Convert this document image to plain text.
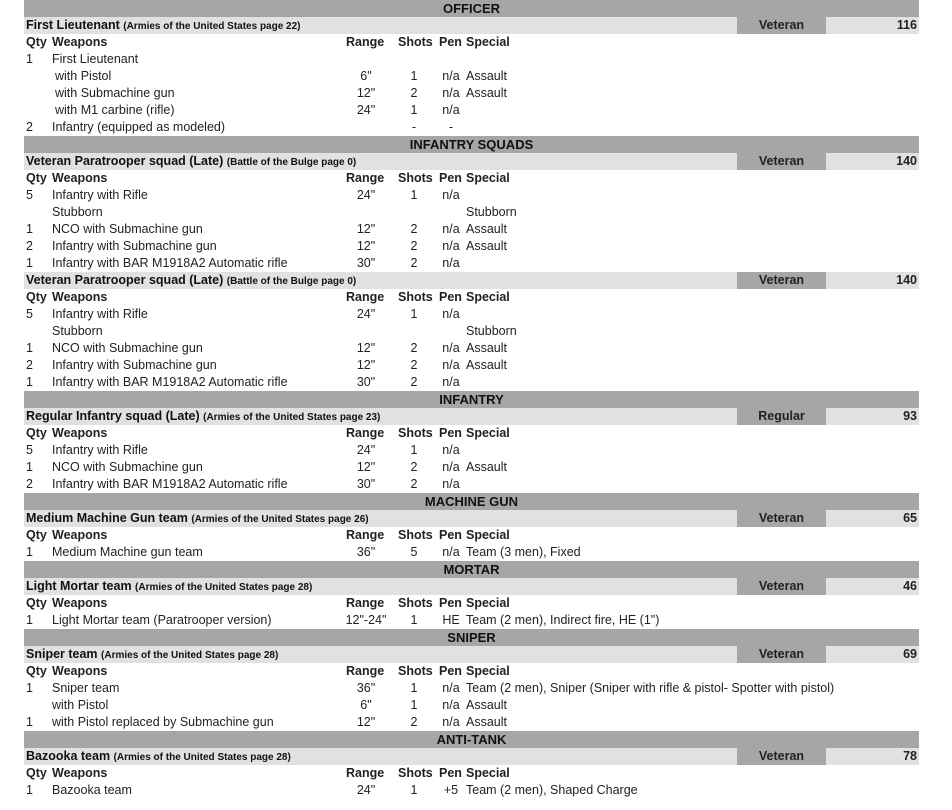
OFFICER
First Lieutenant (Armies of the United States page 22)	Veteran	116
Qty Weapons	Range Shots Pen Special
1 First Lieutenant
with Pistol	6"	1	n/a Assault
with Submachine gun	12"	2	n/a Assault
with M1 carbine (rifle)	24"	1	n/a
2 Infantry (equipped as modeled)	-	-
INFANTRY SQUADS
Veteran Paratrooper squad (Late) (Battle of the Bulge page 0)	Veteran	140
Qty Weapons	Range Shots Pen Special
5 Infantry with Rifle	24"	1	n/a
Stubborn	Stubborn
1 NCO with Submachine gun	12"	2	n/a Assault
2 Infantry with Submachine gun	12"	2	n/a Assault
1 Infantry with BAR M1918A2 Automatic rifle	30"	2	n/a
Veteran Paratrooper squad (Late) (Battle of the Bulge page 0)	Veteran	140
Qty Weapons	Range Shots Pen Special
5 Infantry with Rifle	24"	1	n/a
Stubborn	Stubborn
1 NCO with Submachine gun	12"	2	n/a Assault
2 Infantry with Submachine gun	12"	2	n/a Assault
1 Infantry with BAR M1918A2 Automatic rifle	30"	2	n/a
INFANTRY
Regular Infantry squad (Late) (Armies of the United States page 23)	Regular	93
Qty Weapons	Range Shots Pen Special
5 Infantry with Rifle	24"	1	n/a
1 NCO with Submachine gun	12"	2	n/a Assault
2 Infantry with BAR M1918A2 Automatic rifle	30"	2	n/a
MACHINE GUN
Medium Machine Gun team (Armies of the United States page 26)	Veteran	65
Qty Weapons	Range Shots Pen Special
1 Medium Machine gun team	36"	5	n/a Team (3 men), Fixed
MORTAR
Light Mortar team (Armies of the United States page 28)	Veteran	46
Qty Weapons	Range Shots Pen Special
1 Light Mortar team (Paratrooper version)	12"-24"	1	HE Team (2 men), Indirect fire, HE (1")
SNIPER
Sniper team (Armies of the United States page 28)	Veteran	69
Qty Weapons	Range Shots Pen Special
1 Sniper team	36"	1	n/a Team (2 men), Sniper (Sniper with rifle & pistol- Spotter with pistol)
with Pistol	6"	1	n/a Assault
1 with Pistol replaced by Submachine gun	12"	2	n/a Assault
ANTI-TANK
Bazooka team (Armies of the United States page 28)	Veteran	78
Qty Weapons	Range Shots Pen Special
1 Bazooka team	24"	1	+5 Team (2 men), Shaped Charge
